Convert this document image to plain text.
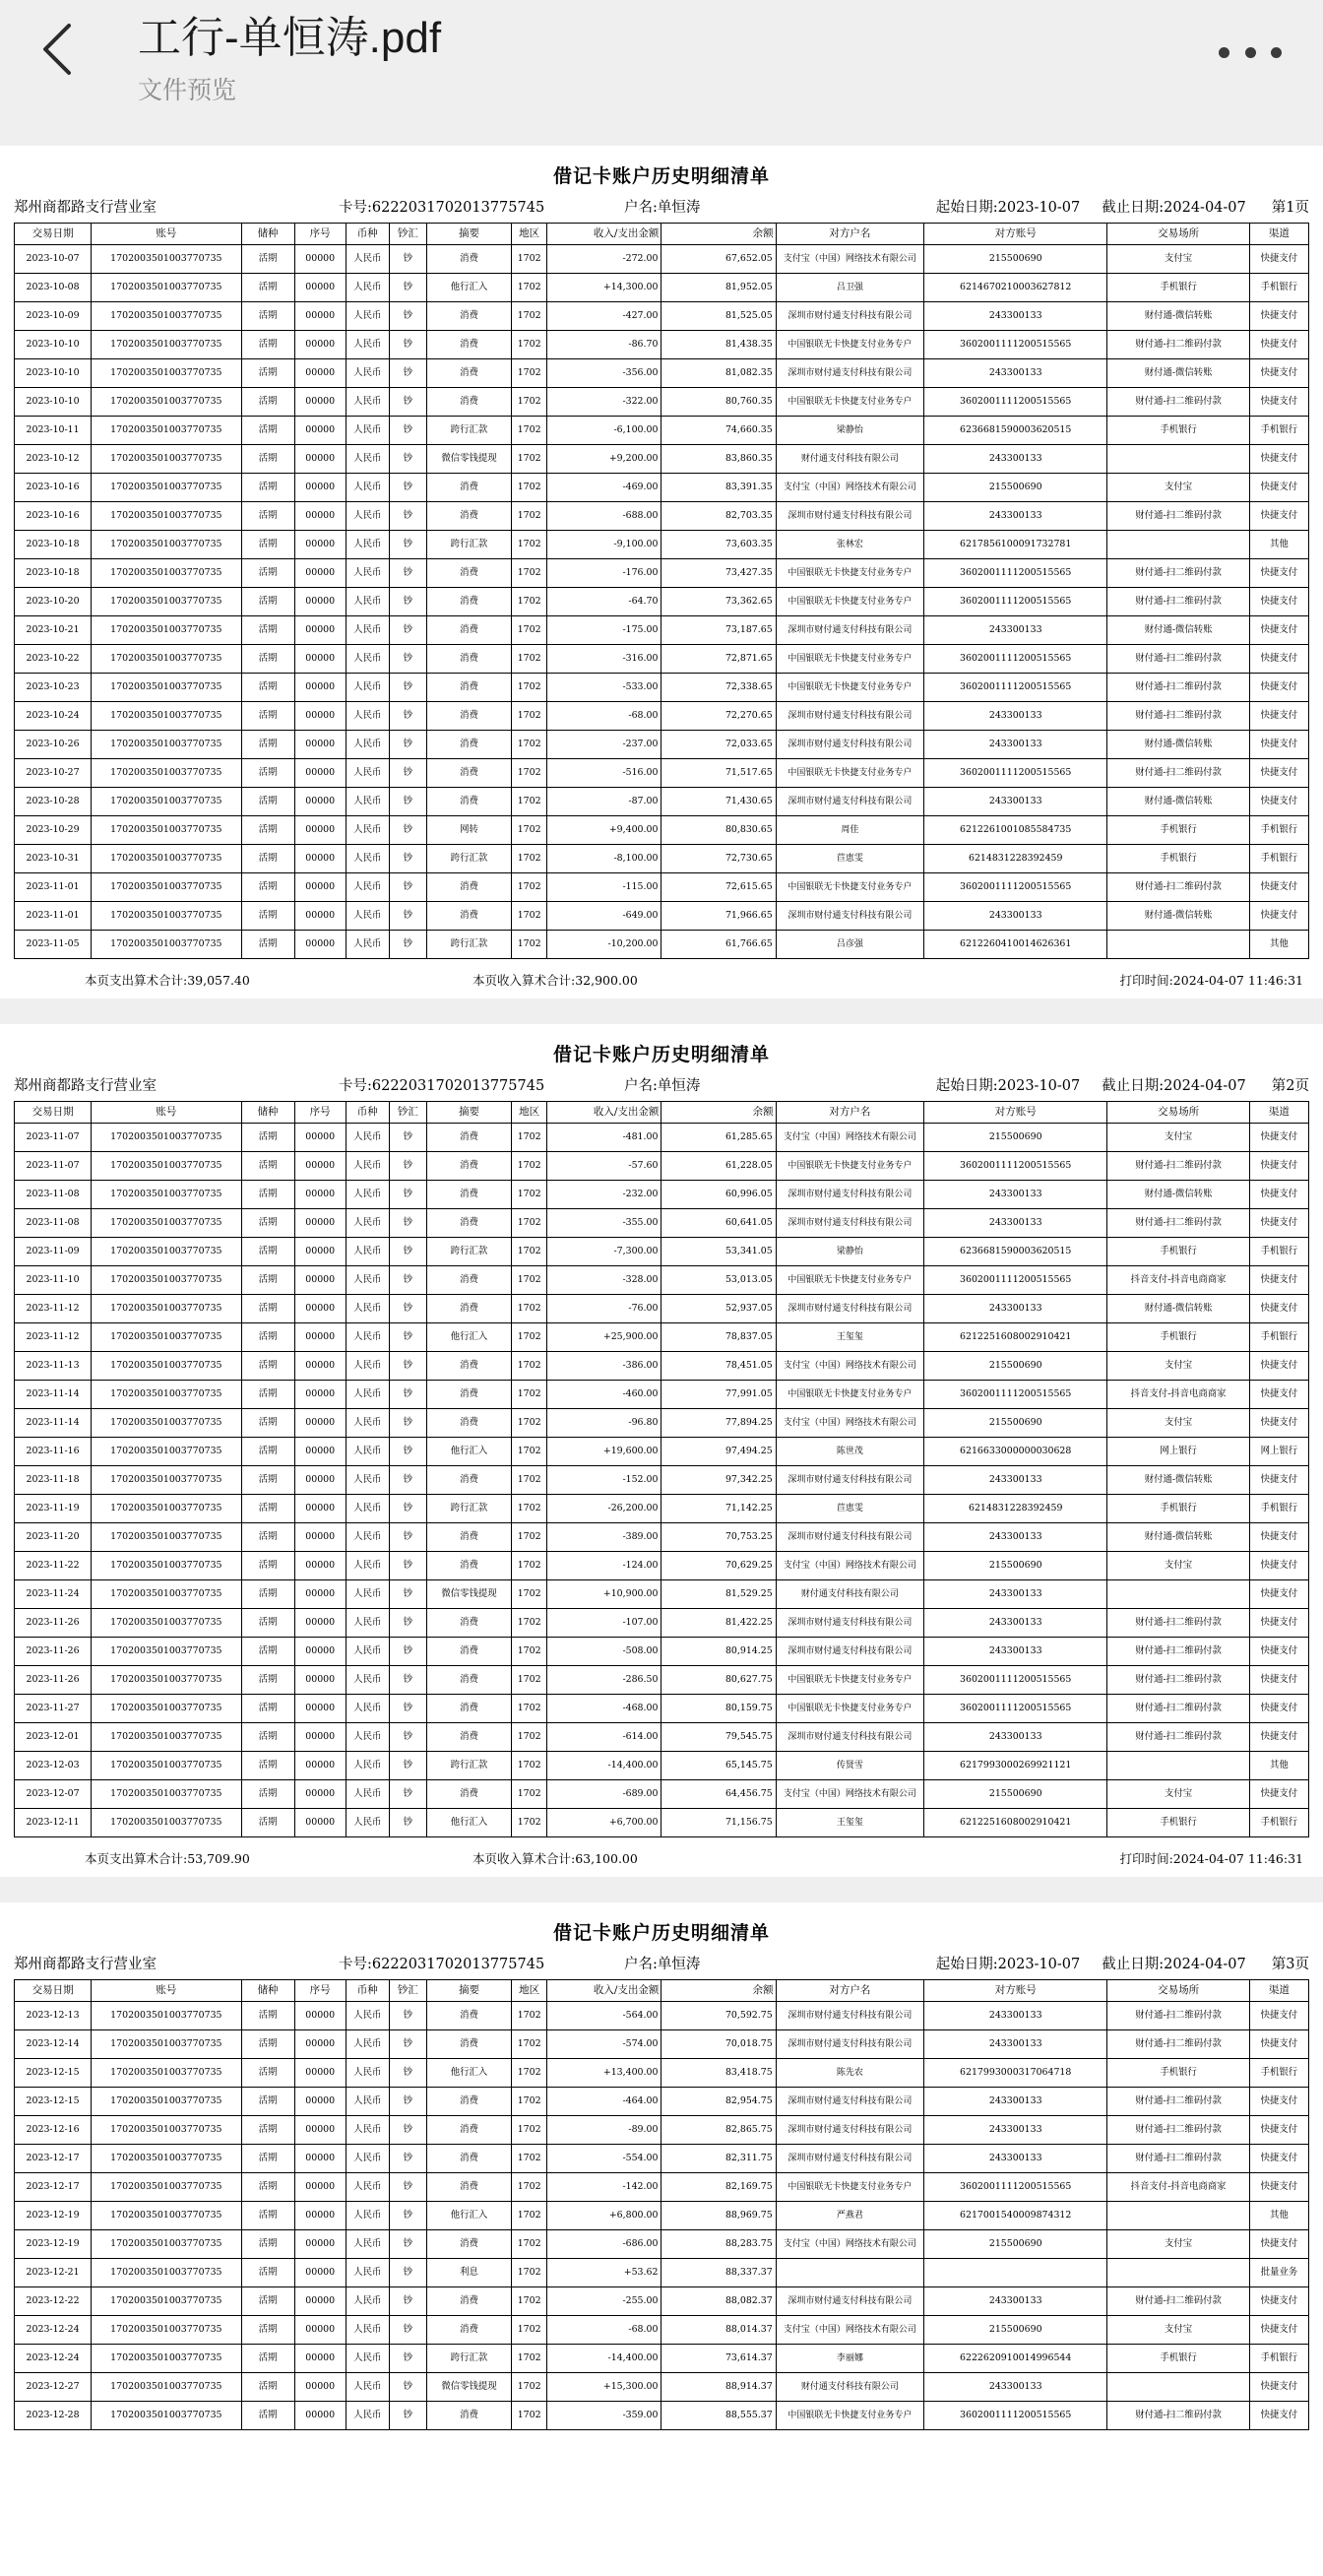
工行-单恒涛.pdf
文件预览
借记卡账户历史明细清单
郑州商都路支行营业室	卡号:6222031702013775745	户名:单恒涛	起始日期:2023-10-07 截止日期:2024-04-07 第1页
交易日期	账号	储种	序号	币种	钞汇	摘要	地区	收入/支出金额	余额	对方户名	对方账号	交易场所	渠道
2023-10-07	1702003501003770735	活期	00000	人民币	钞	消费	1702	-272.00	67,652.05	支付宝（中国）网络技术有限公司	215500690	支付宝	快捷支付
2023-10-08	1702003501003770735	活期	00000	人民币	钞	他行汇入	1702	+14,300.00	81,952.05	吕卫强	6214670210003627812	手机银行	手机银行
2023-10-09	1702003501003770735	活期	00000	人民币	钞	消费	1702	-427.00	81,525.05	深圳市财付通支付科技有限公司	243300133	财付通-微信转账	快捷支付
2023-10-10	1702003501003770735	活期	00000	人民币	钞	消费	1702	-86.70	81,438.35	中国银联无卡快捷支付业务专户	3602001111200515565	财付通-扫二维码付款	快捷支付
2023-10-10	1702003501003770735	活期	00000	人民币	钞	消费	1702	-356.00	81,082.35	深圳市财付通支付科技有限公司	243300133	财付通-微信转账	快捷支付
2023-10-10	1702003501003770735	活期	00000	人民币	钞	消费	1702	-322.00	80,760.35	中国银联无卡快捷支付业务专户	3602001111200515565	财付通-扫二维码付款	快捷支付
2023-10-11	1702003501003770735	活期	00000	人民币	钞	跨行汇款	1702	-6,100.00	74,660.35	梁静怡	6236681590003620515	手机银行	手机银行
2023-10-12	1702003501003770735	活期	00000	人民币	钞	微信零钱提现	1702	+9,200.00	83,860.35	财付通支付科技有限公司	243300133		快捷支付
2023-10-16	1702003501003770735	活期	00000	人民币	钞	消费	1702	-469.00	83,391.35	支付宝（中国）网络技术有限公司	215500690	支付宝	快捷支付
2023-10-16	1702003501003770735	活期	00000	人民币	钞	消费	1702	-688.00	82,703.35	深圳市财付通支付科技有限公司	243300133	财付通-扫二维码付款	快捷支付
2023-10-18	1702003501003770735	活期	00000	人民币	钞	跨行汇款	1702	-9,100.00	73,603.35	张林宏	6217856100091732781		其他
2023-10-18	1702003501003770735	活期	00000	人民币	钞	消费	1702	-176.00	73,427.35	中国银联无卡快捷支付业务专户	3602001111200515565	财付通-扫二维码付款	快捷支付
2023-10-20	1702003501003770735	活期	00000	人民币	钞	消费	1702	-64.70	73,362.65	中国银联无卡快捷支付业务专户	3602001111200515565	财付通-扫二维码付款	快捷支付
2023-10-21	1702003501003770735	活期	00000	人民币	钞	消费	1702	-175.00	73,187.65	深圳市财付通支付科技有限公司	243300133	财付通-微信转账	快捷支付
2023-10-22	1702003501003770735	活期	00000	人民币	钞	消费	1702	-316.00	72,871.65	中国银联无卡快捷支付业务专户	3602001111200515565	财付通-扫二维码付款	快捷支付
2023-10-23	1702003501003770735	活期	00000	人民币	钞	消费	1702	-533.00	72,338.65	中国银联无卡快捷支付业务专户	3602001111200515565	财付通-扫二维码付款	快捷支付
2023-10-24	1702003501003770735	活期	00000	人民币	钞	消费	1702	-68.00	72,270.65	深圳市财付通支付科技有限公司	243300133	财付通-扫二维码付款	快捷支付
2023-10-26	1702003501003770735	活期	00000	人民币	钞	消费	1702	-237.00	72,033.65	深圳市财付通支付科技有限公司	243300133	财付通-微信转账	快捷支付
2023-10-27	1702003501003770735	活期	00000	人民币	钞	消费	1702	-516.00	71,517.65	中国银联无卡快捷支付业务专户	3602001111200515565	财付通-扫二维码付款	快捷支付
2023-10-28	1702003501003770735	活期	00000	人民币	钞	消费	1702	-87.00	71,430.65	深圳市财付通支付科技有限公司	243300133	财付通-微信转账	快捷支付
2023-10-29	1702003501003770735	活期	00000	人民币	钞	网转	1702	+9,400.00	80,830.65	周佳	6212261001085584735	手机银行	手机银行
2023-10-31	1702003501003770735	活期	00000	人民币	钞	跨行汇款	1702	-8,100.00	72,730.65	苣恵雯	6214831228392459	手机银行	手机银行
2023-11-01	1702003501003770735	活期	00000	人民币	钞	消费	1702	-115.00	72,615.65	中国银联无卡快捷支付业务专户	3602001111200515565	财付通-扫二维码付款	快捷支付
2023-11-01	1702003501003770735	活期	00000	人民币	钞	消费	1702	-649.00	71,966.65	深圳市财付通支付科技有限公司	243300133	财付通-微信转账	快捷支付
2023-11-05	1702003501003770735	活期	00000	人民币	钞	跨行汇款	1702	-10,200.00	61,766.65	吕彦强	6212260410014626361		其他
本页支出算术合计:39,057.40	本页收入算术合计:32,900.00	打印时间:2024-04-07 11:46:31
借记卡账户历史明细清单
郑州商都路支行营业室	卡号:6222031702013775745	户名:单恒涛	起始日期:2023-10-07 截止日期:2024-04-07 第2页
交易日期	账号	储种	序号	币种	钞汇	摘要	地区	收入/支出金额	余额	对方户名	对方账号	交易场所	渠道
2023-11-07	1702003501003770735	活期	00000	人民币	钞	消费	1702	-481.00	61,285.65	支付宝（中国）网络技术有限公司	215500690	支付宝	快捷支付
2023-11-07	1702003501003770735	活期	00000	人民币	钞	消费	1702	-57.60	61,228.05	中国银联无卡快捷支付业务专户	3602001111200515565	财付通-扫二维码付款	快捷支付
2023-11-08	1702003501003770735	活期	00000	人民币	钞	消费	1702	-232.00	60,996.05	深圳市财付通支付科技有限公司	243300133	财付通-微信转账	快捷支付
2023-11-08	1702003501003770735	活期	00000	人民币	钞	消费	1702	-355.00	60,641.05	深圳市财付通支付科技有限公司	243300133	财付通-扫二维码付款	快捷支付
2023-11-09	1702003501003770735	活期	00000	人民币	钞	跨行汇款	1702	-7,300.00	53,341.05	梁静怡	6236681590003620515	手机银行	手机银行
2023-11-10	1702003501003770735	活期	00000	人民币	钞	消费	1702	-328.00	53,013.05	中国银联无卡快捷支付业务专户	3602001111200515565	抖音支付-抖音电商商家	快捷支付
2023-11-12	1702003501003770735	活期	00000	人民币	钞	消费	1702	-76.00	52,937.05	深圳市财付通支付科技有限公司	243300133	财付通-微信转账	快捷支付
2023-11-12	1702003501003770735	活期	00000	人民币	钞	他行汇入	1702	+25,900.00	78,837.05	王玺玺	6212251608002910421	手机银行	手机银行
2023-11-13	1702003501003770735	活期	00000	人民币	钞	消费	1702	-386.00	78,451.05	支付宝（中国）网络技术有限公司	215500690	支付宝	快捷支付
2023-11-14	1702003501003770735	活期	00000	人民币	钞	消费	1702	-460.00	77,991.05	中国银联无卡快捷支付业务专户	3602001111200515565	抖音支付-抖音电商商家	快捷支付
2023-11-14	1702003501003770735	活期	00000	人民币	钞	消费	1702	-96.80	77,894.25	支付宝（中国）网络技术有限公司	215500690	支付宝	快捷支付
2023-11-16	1702003501003770735	活期	00000	人民币	钞	他行汇入	1702	+19,600.00	97,494.25	陈世茂	6216633000000030628	网上银行	网上银行
2023-11-18	1702003501003770735	活期	00000	人民币	钞	消费	1702	-152.00	97,342.25	深圳市财付通支付科技有限公司	243300133	财付通-微信转账	快捷支付
2023-11-19	1702003501003770735	活期	00000	人民币	钞	跨行汇款	1702	-26,200.00	71,142.25	苣恵雯	6214831228392459	手机银行	手机银行
2023-11-20	1702003501003770735	活期	00000	人民币	钞	消费	1702	-389.00	70,753.25	深圳市财付通支付科技有限公司	243300133	财付通-微信转账	快捷支付
2023-11-22	1702003501003770735	活期	00000	人民币	钞	消费	1702	-124.00	70,629.25	支付宝（中国）网络技术有限公司	215500690	支付宝	快捷支付
2023-11-24	1702003501003770735	活期	00000	人民币	钞	微信零钱提现	1702	+10,900.00	81,529.25	财付通支付科技有限公司	243300133		快捷支付
2023-11-26	1702003501003770735	活期	00000	人民币	钞	消费	1702	-107.00	81,422.25	深圳市财付通支付科技有限公司	243300133	财付通-扫二维码付款	快捷支付
2023-11-26	1702003501003770735	活期	00000	人民币	钞	消费	1702	-508.00	80,914.25	深圳市财付通支付科技有限公司	243300133	财付通-扫二维码付款	快捷支付
2023-11-26	1702003501003770735	活期	00000	人民币	钞	消费	1702	-286.50	80,627.75	中国银联无卡快捷支付业务专户	3602001111200515565	财付通-扫二维码付款	快捷支付
2023-11-27	1702003501003770735	活期	00000	人民币	钞	消费	1702	-468.00	80,159.75	中国银联无卡快捷支付业务专户	3602001111200515565	财付通-扫二维码付款	快捷支付
2023-12-01	1702003501003770735	活期	00000	人民币	钞	消费	1702	-614.00	79,545.75	深圳市财付通支付科技有限公司	243300133	财付通-扫二维码付款	快捷支付
2023-12-03	1702003501003770735	活期	00000	人民币	钞	跨行汇款	1702	-14,400.00	65,145.75	传贤雪	6217993000269921121		其他
2023-12-07	1702003501003770735	活期	00000	人民币	钞	消费	1702	-689.00	64,456.75	支付宝（中国）网络技术有限公司	215500690	支付宝	快捷支付
2023-12-11	1702003501003770735	活期	00000	人民币	钞	他行汇入	1702	+6,700.00	71,156.75	王玺玺	6212251608002910421	手机银行	手机银行
本页支出算术合计:53,709.90	本页收入算术合计:63,100.00	打印时间:2024-04-07 11:46:31
借记卡账户历史明细清单
郑州商都路支行营业室	卡号:6222031702013775745	户名:单恒涛	起始日期:2023-10-07 截止日期:2024-04-07 第3页
交易日期	账号	储种	序号	币种	钞汇	摘要	地区	收入/支出金额	余额	对方户名	对方账号	交易场所	渠道
2023-12-13	1702003501003770735	活期	00000	人民币	钞	消费	1702	-564.00	70,592.75	深圳市财付通支付科技有限公司	243300133	财付通-扫二维码付款	快捷支付
2023-12-14	1702003501003770735	活期	00000	人民币	钞	消费	1702	-574.00	70,018.75	深圳市财付通支付科技有限公司	243300133	财付通-扫二维码付款	快捷支付
2023-12-15	1702003501003770735	活期	00000	人民币	钞	他行汇入	1702	+13,400.00	83,418.75	陈先农	6217993000317064718	手机银行	手机银行
2023-12-15	1702003501003770735	活期	00000	人民币	钞	消费	1702	-464.00	82,954.75	深圳市财付通支付科技有限公司	243300133	财付通-扫二维码付款	快捷支付
2023-12-16	1702003501003770735	活期	00000	人民币	钞	消费	1702	-89.00	82,865.75	深圳市财付通支付科技有限公司	243300133	财付通-扫二维码付款	快捷支付
2023-12-17	1702003501003770735	活期	00000	人民币	钞	消费	1702	-554.00	82,311.75	深圳市财付通支付科技有限公司	243300133	财付通-扫二维码付款	快捷支付
2023-12-17	1702003501003770735	活期	00000	人民币	钞	消费	1702	-142.00	82,169.75	中国银联无卡快捷支付业务专户	3602001111200515565	抖音支付-抖音电商商家	快捷支付
2023-12-19	1702003501003770735	活期	00000	人民币	钞	他行汇入	1702	+6,800.00	88,969.75	严燕君	6217001540009874312		其他
2023-12-19	1702003501003770735	活期	00000	人民币	钞	消费	1702	-686.00	88,283.75	支付宝（中国）网络技术有限公司	215500690	支付宝	快捷支付
2023-12-21	1702003501003770735	活期	00000	人民币	钞	利息	1702	+53.62	88,337.37				批量业务
2023-12-22	1702003501003770735	活期	00000	人民币	钞	消费	1702	-255.00	88,082.37	深圳市财付通支付科技有限公司	243300133	财付通-扫二维码付款	快捷支付
2023-12-24	1702003501003770735	活期	00000	人民币	钞	消费	1702	-68.00	88,014.37	支付宝（中国）网络技术有限公司	215500690	支付宝	快捷支付
2023-12-24	1702003501003770735	活期	00000	人民币	钞	跨行汇款	1702	-14,400.00	73,614.37	李丽娜	6222620910014996544	手机银行	手机银行
2023-12-27	1702003501003770735	活期	00000	人民币	钞	微信零钱提现	1702	+15,300.00	88,914.37	财付通支付科技有限公司	243300133		快捷支付
2023-12-28	1702003501003770735	活期	00000	人民币	钞	消费	1702	-359.00	88,555.37	中国银联无卡快捷支付业务专户	3602001111200515565	财付通-扫二维码付款	快捷支付
